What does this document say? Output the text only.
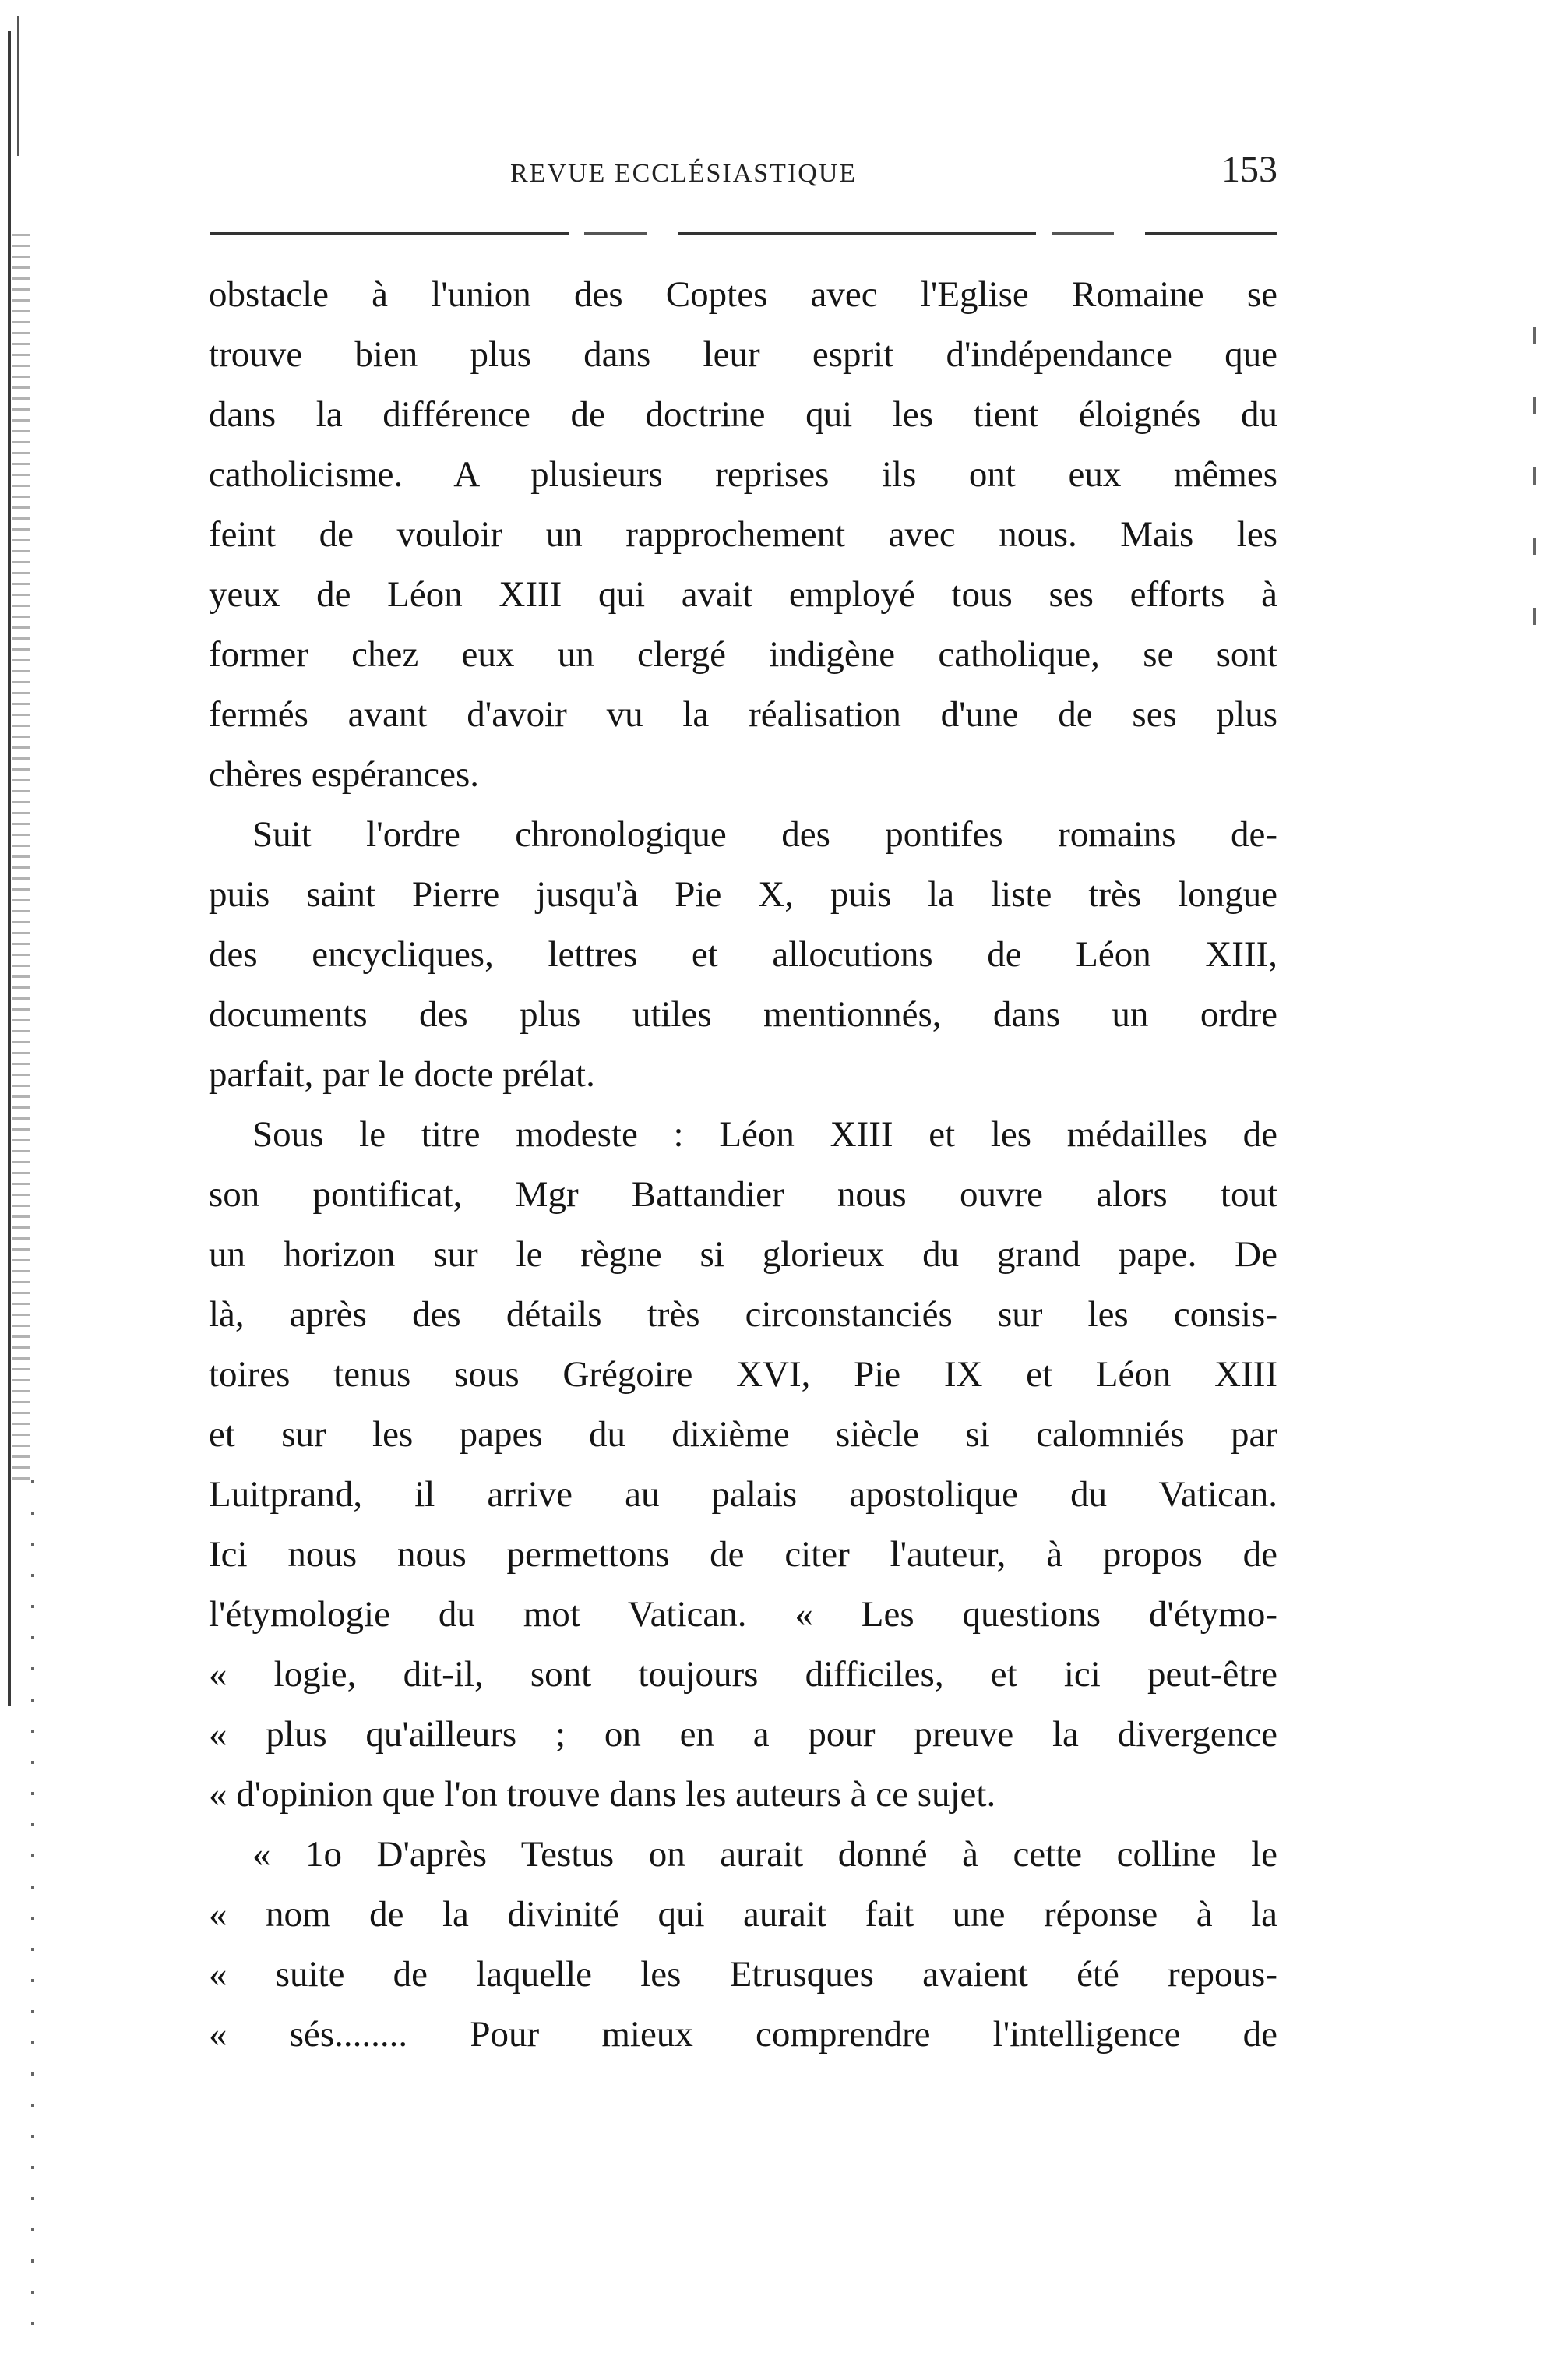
REVUE ECCLÉSIASTIQUE	153
obstacle à l'union des Coptes avec l'Eglise Romaine se
trouve bien plus dans leur esprit d'indépendance que
dans la différence de doctrine qui les tient éloignés du
catholicisme. A plusieurs reprises ils ont eux mêmes
feint de vouloir un rapprochement avec nous. Mais les
yeux de Léon XIII qui avait employé tous ses efforts à
former chez eux un clergé indigène catholique, se sont
fermés avant d'avoir vu la réalisation d'une de ses plus
chères espérances.
Suit l'ordre chronologique des pontifes romains de-
puis saint Pierre jusqu'à Pie X, puis la liste très longue
des encycliques, lettres et allocutions de Léon XIII,
documents des plus utiles mentionnés, dans un ordre
parfait, par le docte prélat.
Sous le titre modeste : Léon XIII et les médailles de
son pontificat, Mgr Battandier nous ouvre alors tout
un horizon sur le règne si glorieux du grand pape. De
là, après des détails très circonstanciés sur les consis-
toires tenus sous Grégoire XVI, Pie IX et Léon XIII
et sur les papes du dixième siècle si calomniés par
Luitprand, il arrive au palais apostolique du Vatican.
Ici nous nous permettons de citer l'auteur, à propos de
l'étymologie du mot Vatican. « Les questions d'étymo-
« logie, dit-il, sont toujours difficiles, et ici peut-être
« plus qu'ailleurs ; on en a pour preuve la divergence
« d'opinion que l'on trouve dans les auteurs à ce sujet.
« 1o D'après Testus on aurait donné à cette colline le
« nom de la divinité qui aurait fait une réponse à la
« suite de laquelle les Etrusques avaient été repous-
« sés........ Pour mieux comprendre l'intelligence de
